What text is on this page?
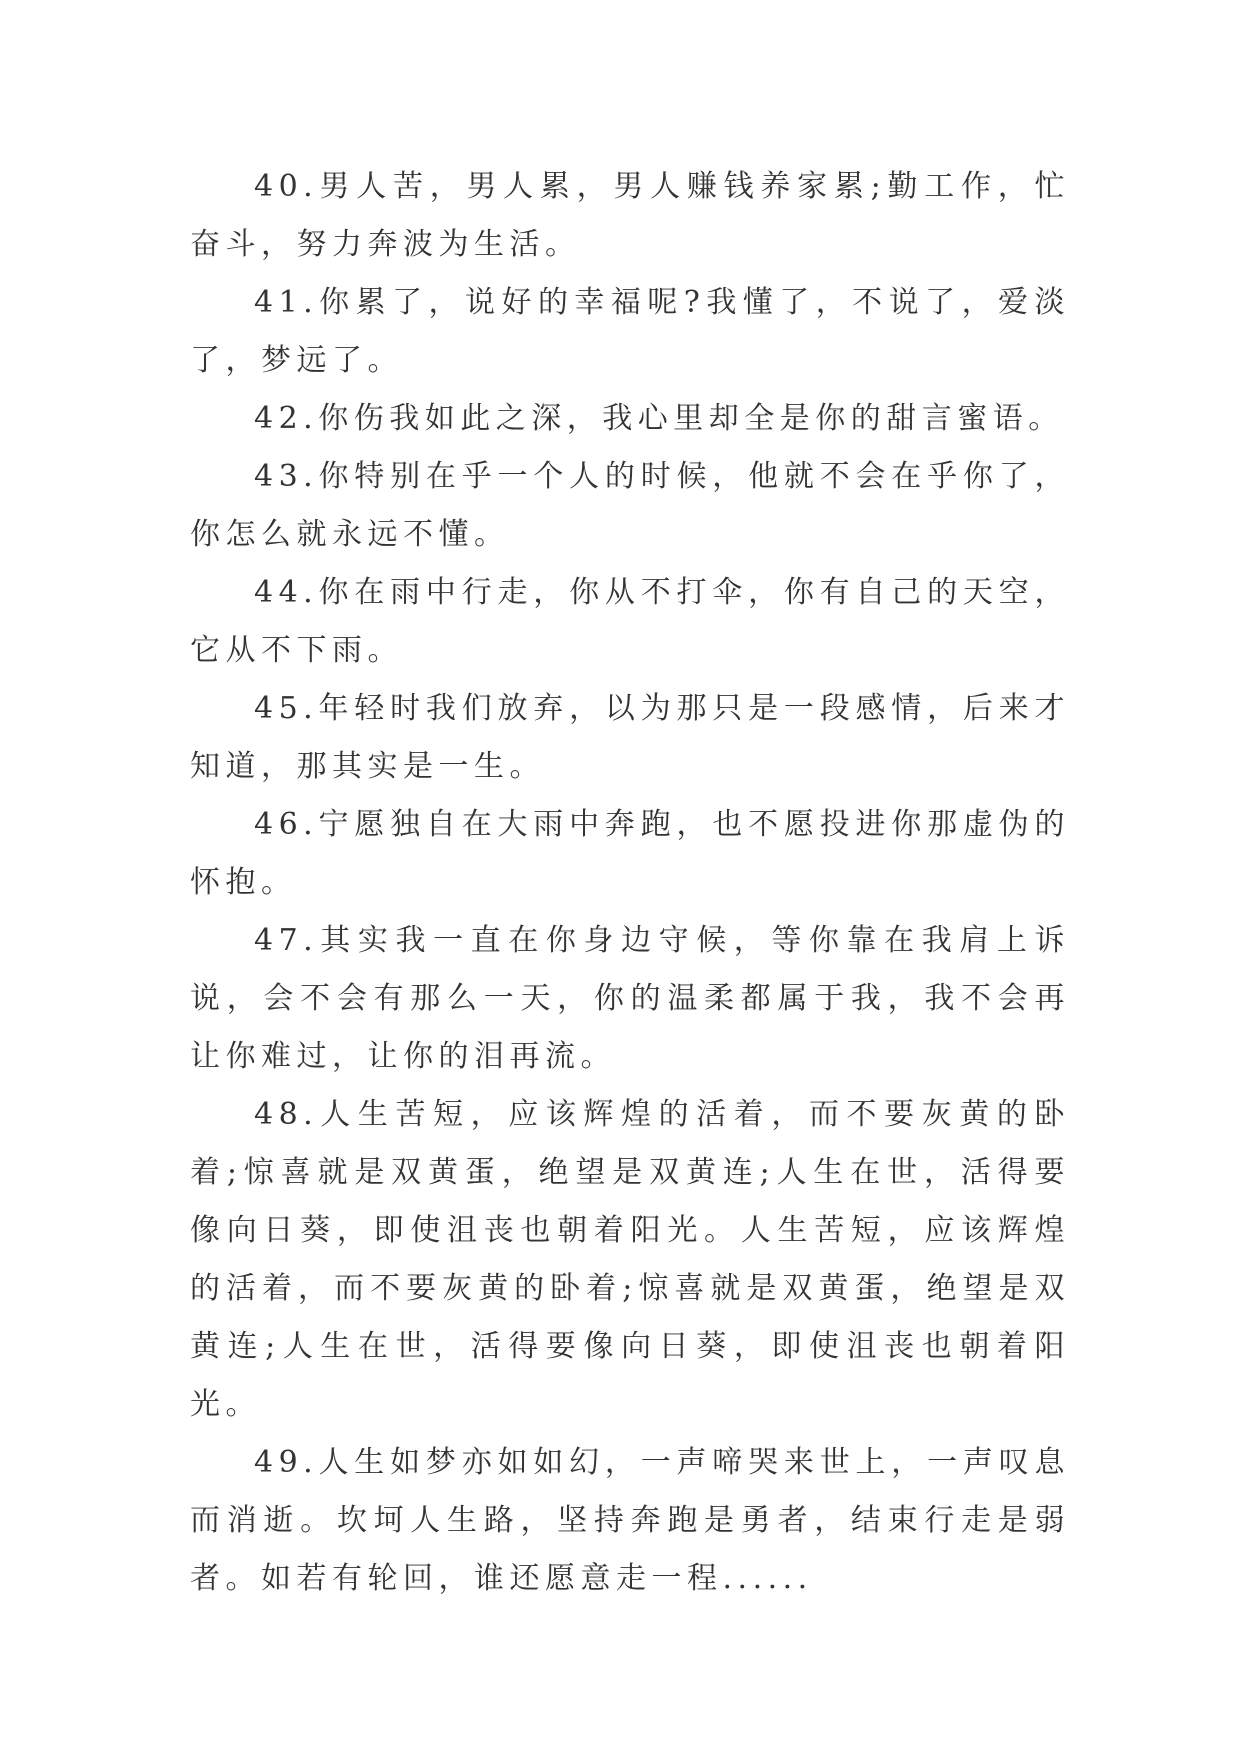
40.男人苦，男人累，男人赚钱养家累;勤工作，忙奋斗，努力奔波为生活。

41.你累了，说好的幸福呢?我懂了，不说了，爱淡了，梦远了。

42.你伤我如此之深，我心里却全是你的甜言蜜语。

43.你特别在乎一个人的时候，他就不会在乎你了，你怎么就永远不懂。

44.你在雨中行走，你从不打伞，你有自己的天空，它从不下雨。

45.年轻时我们放弃，以为那只是一段感情，后来才知道，那其实是一生。

46.宁愿独自在大雨中奔跑，也不愿投进你那虚伪的怀抱。

47.其实我一直在你身边守候，等你靠在我肩上诉说，会不会有那么一天，你的温柔都属于我，我不会再让你难过，让你的泪再流。

48.人生苦短，应该辉煌的活着，而不要灰黄的卧着;惊喜就是双黄蛋，绝望是双黄连;人生在世，活得要像向日葵，即使沮丧也朝着阳光。人生苦短，应该辉煌的活着，而不要灰黄的卧着;惊喜就是双黄蛋，绝望是双黄连;人生在世，活得要像向日葵，即使沮丧也朝着阳光。

49.人生如梦亦如如幻，一声啼哭来世上，一声叹息而消逝。坎坷人生路，坚持奔跑是勇者，结束行走是弱者。如若有轮回，谁还愿意走一程......
